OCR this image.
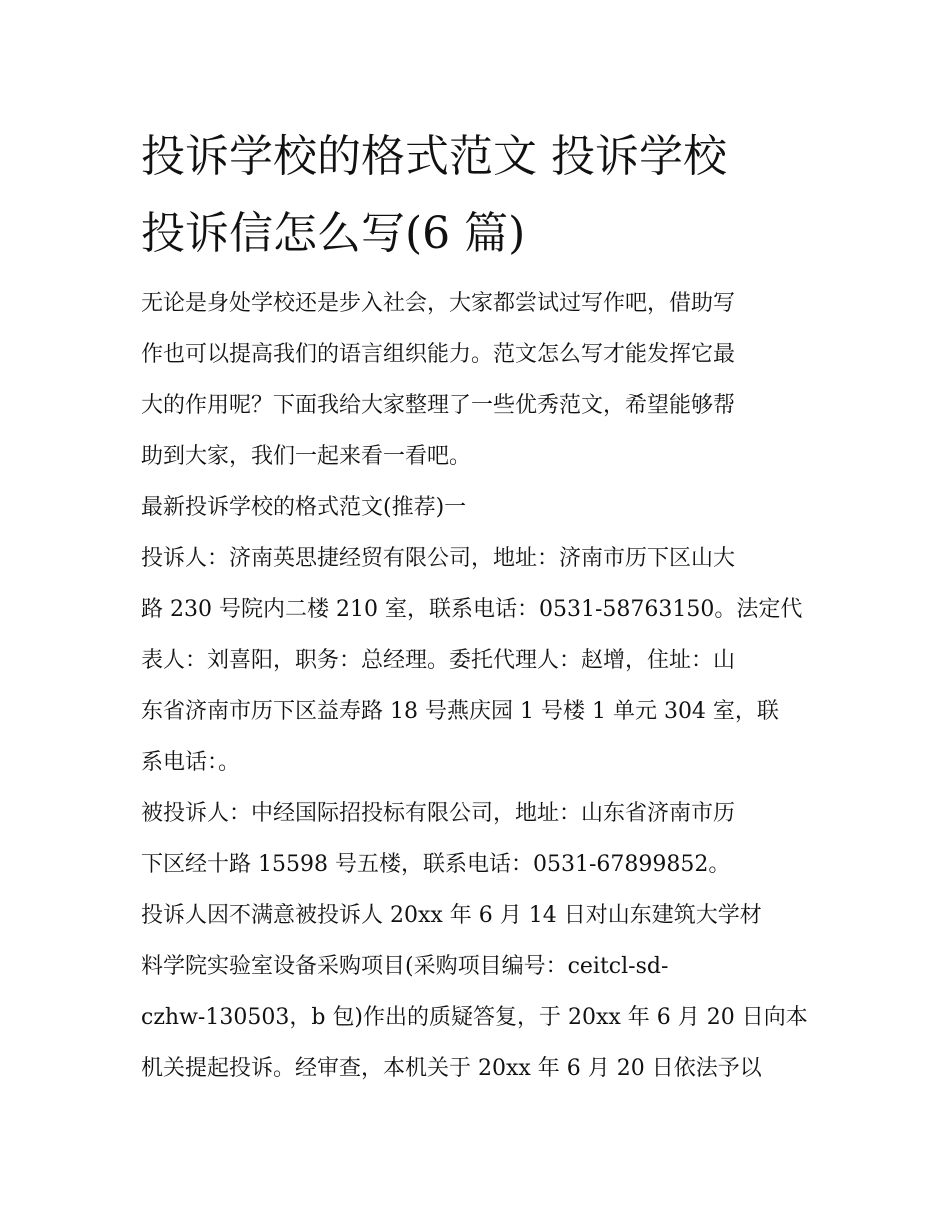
投诉学校的格式范文 投诉学校
投诉信怎么写(6 篇)
无论是身处学校还是步入社会，大家都尝试过写作吧，借助写
作也可以提高我们的语言组织能力。范文怎么写才能发挥它最
大的作用呢？下面我给大家整理了一些优秀范文，希望能够帮
助到大家，我们一起来看一看吧。
最新投诉学校的格式范文(推荐)一
投诉人：济南英思捷经贸有限公司，地址：济南市历下区山大
路 230 号院内二楼 210 室，联系电话：0531-58763150。法定代
表人：刘喜阳，职务：总经理。委托代理人：赵增，住址：山
东省济南市历下区益寿路 18 号燕庆园 1 号楼 1 单元 304 室，联
系电话：。
被投诉人：中经国际招投标有限公司，地址：山东省济南市历
下区经十路 15598 号五楼，联系电话：0531-67899852。
投诉人因不满意被投诉人 20xx 年 6 月 14 日对山东建筑大学材
料学院实验室设备采购项目(采购项目编号：ceitcl-sd-
czhw-130503，b 包)作出的质疑答复，于 20xx 年 6 月 20 日向本
机关提起投诉。经审查，本机关于 20xx 年 6 月 20 日依法予以
